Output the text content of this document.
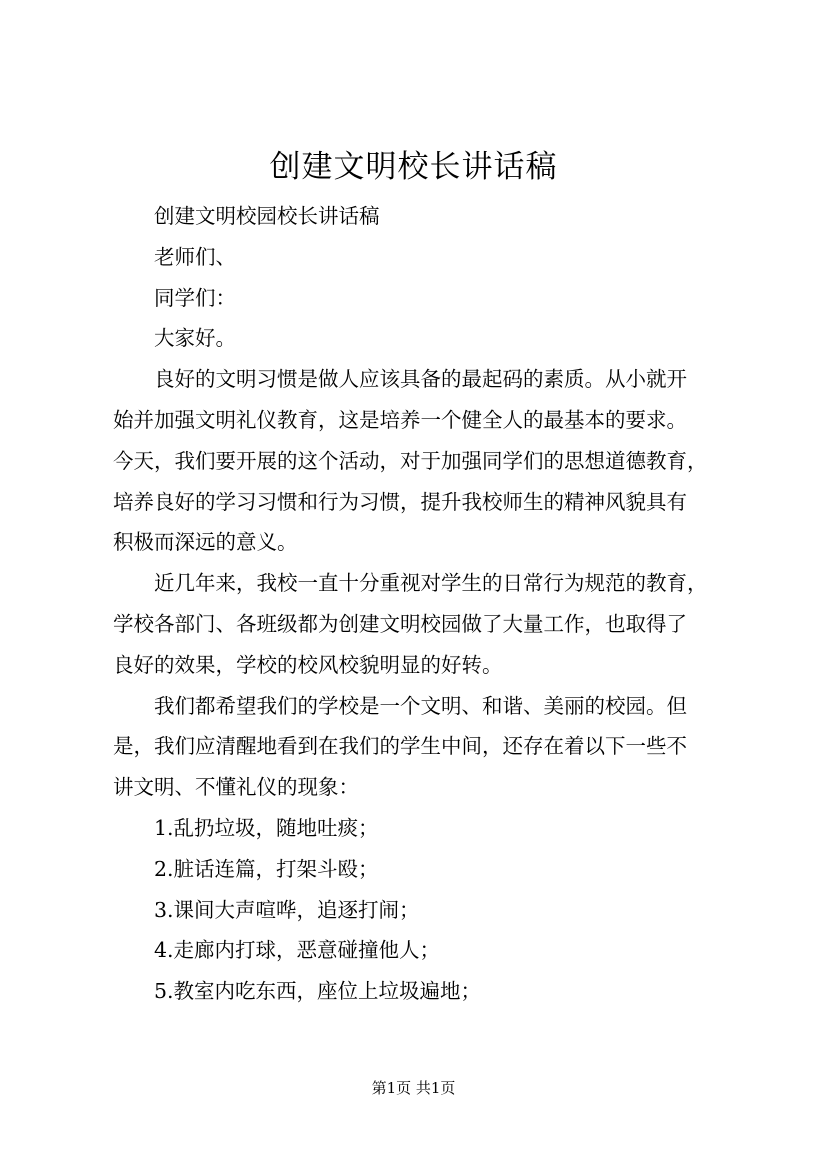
创建文明校长讲话稿
创建文明校园校长讲话稿
老师们、
同学们：
大家好。
良好的文明习惯是做人应该具备的最起码的素质。从小就开
始并加强文明礼仪教育，这是培养一个健全人的最基本的要求。
今天，我们要开展的这个活动，对于加强同学们的思想道德教育，
培养良好的学习习惯和行为习惯，提升我校师生的精神风貌具有
积极而深远的意义。
近几年来，我校一直十分重视对学生的日常行为规范的教育，
学校各部门、各班级都为创建文明校园做了大量工作，也取得了
良好的效果，学校的校风校貌明显的好转。
我们都希望我们的学校是一个文明、和谐、美丽的校园。但
是，我们应清醒地看到在我们的学生中间，还存在着以下一些不
讲文明、不懂礼仪的现象：
1.乱扔垃圾，随地吐痰；
2.脏话连篇，打架斗殴；
3.课间大声喧哗，追逐打闹；
4.走廊内打球，恶意碰撞他人；
5.教室内吃东西，座位上垃圾遍地；
第1页 共1页
